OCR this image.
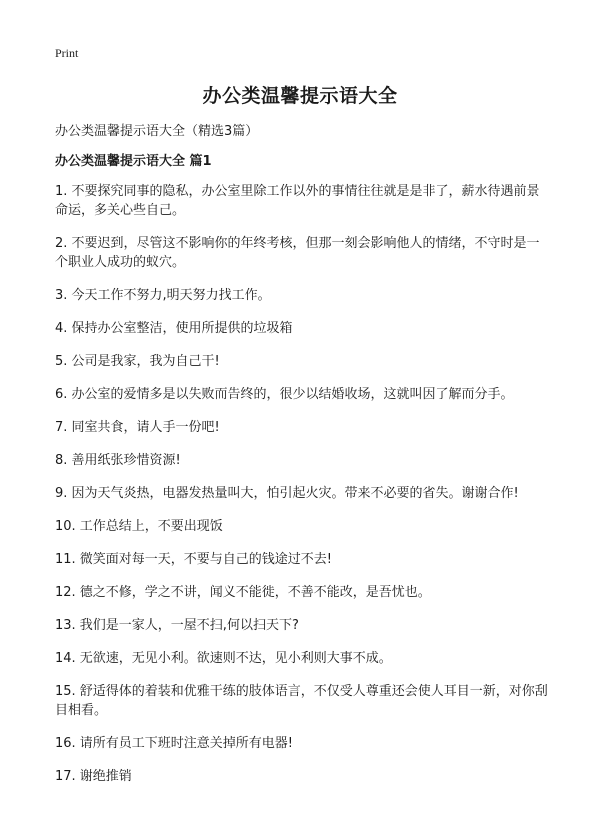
Print
办公类温馨提示语大全
办公类温馨提示语大全（精选3篇）
办公类温馨提示语大全 篇1
1. 不要探究同事的隐私，办公室里除工作以外的事情往往就是是非了，薪水待遇前景命运，多关心些自己。
2. 不要迟到，尽管这不影响你的年终考核，但那一刻会影响他人的情绪，不守时是一个职业人成功的蚁穴。
3. 今天工作不努力,明天努力找工作。
4. 保持办公室整洁，使用所提供的垃圾箱
5. 公司是我家，我为自己干!
6. 办公室的爱情多是以失败而告终的，很少以结婚收场，这就叫因了解而分手。
7. 同室共食，请人手一份吧!
8. 善用纸张珍惜资源!
9. 因为天气炎热，电器发热量叫大，怕引起火灾。带来不必要的省失。谢谢合作!
10. 工作总结上，不要出现饭
11. 微笑面对每一天，不要与自己的钱途过不去!
12. 德之不修，学之不讲，闻义不能徙，不善不能改，是吾忧也。
13. 我们是一家人，一屋不扫,何以扫天下?
14. 无欲速，无见小利。欲速则不达，见小利则大事不成。
15. 舒适得体的着装和优雅干练的肢体语言，不仅受人尊重还会使人耳目一新，对你刮目相看。
16. 请所有员工下班时注意关掉所有电器!
17. 谢绝推销
